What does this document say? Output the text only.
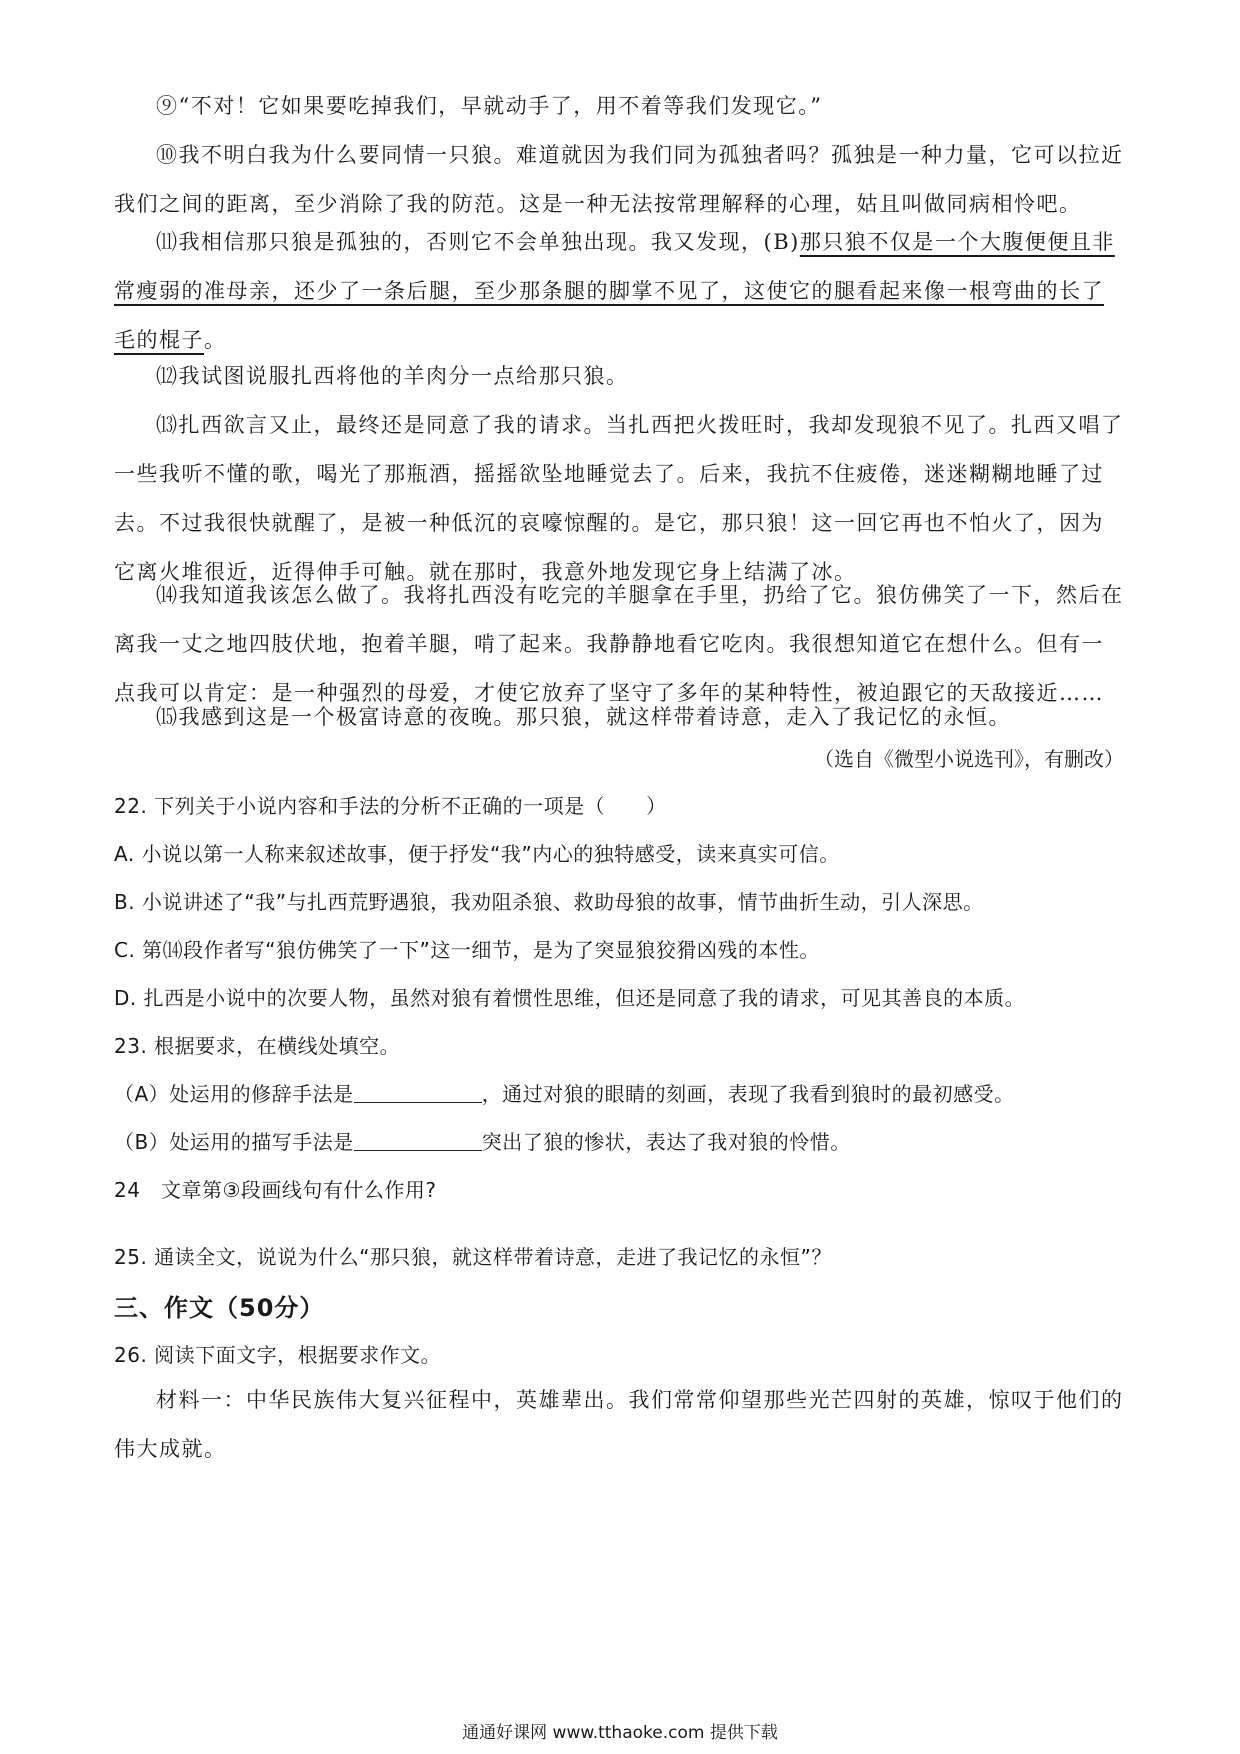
⑨“不对！它如果要吃掉我们，早就动手了，用不着等我们发现它。”

⑩我不明白我为什么要同情一只狼。难道就因为我们同为孤独者吗？孤独是一种力量，它可以拉近我们之间的距离，至少消除了我的防范。这是一种无法按常理解释的心理，姑且叫做同病相怜吧。

⑾我相信那只狼是孤独的，否则它不会单独出现。我又发现，(B)那只狼不仅是一个大腹便便且非常瘦弱的准母亲，还少了一条后腿，至少那条腿的脚掌不见了，这使它的腿看起来像一根弯曲的长了毛的棍子。

⑿我试图说服扎西将他的羊肉分一点给那只狼。

⒀扎西欲言又止，最终还是同意了我的请求。当扎西把火拨旺时，我却发现狼不见了。扎西又唱了一些我听不懂的歌，喝光了那瓶酒，摇摇欲坠地睡觉去了。后来，我抗不住疲倦，迷迷糊糊地睡了过去。不过我很快就醒了，是被一种低沉的哀嚎惊醒的。是它，那只狼！这一回它再也不怕火了，因为它离火堆很近，近得伸手可触。就在那时，我意外地发现它身上结满了冰。

⒁我知道我该怎么做了。我将扎西没有吃完的羊腿拿在手里，扔给了它。狼仿佛笑了一下，然后在离我一丈之地四肢伏地，抱着羊腿，啃了起来。我静静地看它吃肉。我很想知道它在想什么。但有一点我可以肯定：是一种强烈的母爱，才使它放弃了坚守了多年的某种特性，被迫跟它的天敌接近……

⒂我感到这是一个极富诗意的夜晚。那只狼，就这样带着诗意，走入了我记忆的永恒。

（选自《微型小说选刊》，有删改）

22. 下列关于小说内容和手法的分析不正确的一项是（　　）

A. 小说以第一人称来叙述故事，便于抒发“我”内心的独特感受，读来真实可信。

B. 小说讲述了“我”与扎西荒野遇狼，我劝阻杀狼、救助母狼的故事，情节曲折生动，引人深思。

C. 第⒁段作者写“狼仿佛笑了一下”这一细节，是为了突显狼狡猾凶残的本性。

D. 扎西是小说中的次要人物，虽然对狼有着惯性思维，但还是同意了我的请求，可见其善良的本质。

23. 根据要求，在横线处填空。

（A）处运用的修辞手法是	，通过对狼的眼睛的刻画，表现了我看到狼时的最初感受。

（B）处运用的描写手法是	突出了狼的惨状，表达了我对狼的怜惜。

24　文章第③段画线句有什么作用?

25. 通读全文，说说为什么“那只狼，就这样带着诗意，走进了我记忆的永恒”？

三、作文（50分）

26. 阅读下面文字，根据要求作文。

材料一：中华民族伟大复兴征程中，英雄辈出。我们常常仰望那些光芒四射的英雄，惊叹于他们的伟大成就。

通通好课网 www.tthaoke.com 提供下载
